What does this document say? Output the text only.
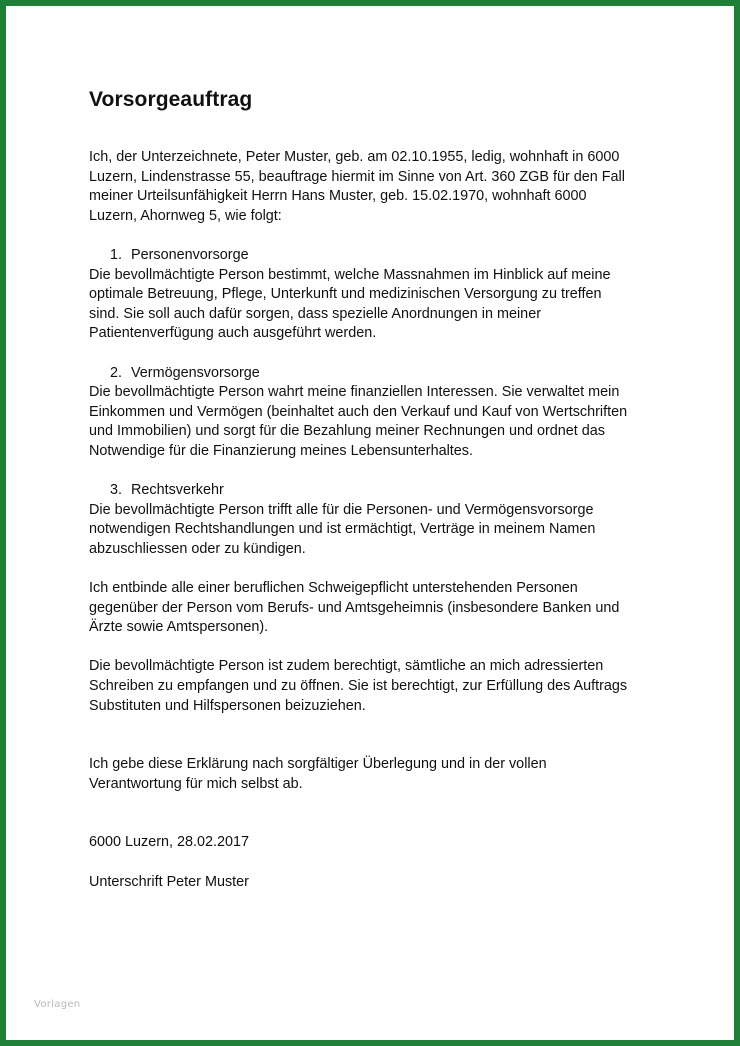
Vorsorgeauftrag

Ich, der Unterzeichnete, Peter Muster, geb. am 02.10.1955, ledig, wohnhaft in 6000
Luzern, Lindenstrasse 55, beauftrage hiermit im Sinne von Art. 360 ZGB für den Fall
meiner Urteilsunfähigkeit Herrn Hans Muster, geb. 15.02.1970, wohnhaft 6000
Luzern, Ahornweg 5, wie folgt:

1. Personenvorsorge

Die bevollmächtigte Person bestimmt, welche Massnahmen im Hinblick auf meine
optimale Betreuung, Pflege, Unterkunft und medizinischen Versorgung zu treffen
sind. Sie soll auch dafür sorgen, dass spezielle Anordnungen in meiner
Patientenverfügung auch ausgeführt werden.

2. Vermögensvorsorge

Die bevollmächtigte Person wahrt meine finanziellen Interessen. Sie verwaltet mein
Einkommen und Vermögen (beinhaltet auch den Verkauf und Kauf von Wertschriften
und Immobilien) und sorgt für die Bezahlung meiner Rechnungen und ordnet das
Notwendige für die Finanzierung meines Lebensunterhaltes.

3. Rechtsverkehr

Die bevollmächtigte Person trifft alle für die Personen- und Vermögensvorsorge
notwendigen Rechtshandlungen und ist ermächtigt, Verträge in meinem Namen
abzuschliessen oder zu kündigen.

Ich entbinde alle einer beruflichen Schweigepflicht unterstehenden Personen
gegenüber der Person vom Berufs- und Amtsgeheimnis (insbesondere Banken und
Ärzte sowie Amtspersonen).

Die bevollmächtigte Person ist zudem berechtigt, sämtliche an mich adressierten
Schreiben zu empfangen und zu öffnen. Sie ist berechtigt, zur Erfüllung des Auftrags
Substituten und Hilfspersonen beizuziehen.

Ich gebe diese Erklärung nach sorgfältiger Überlegung und in der vollen
Verantwortung für mich selbst ab.

6000 Luzern, 28.02.2017

Unterschrift Peter Muster

Vorlagen
